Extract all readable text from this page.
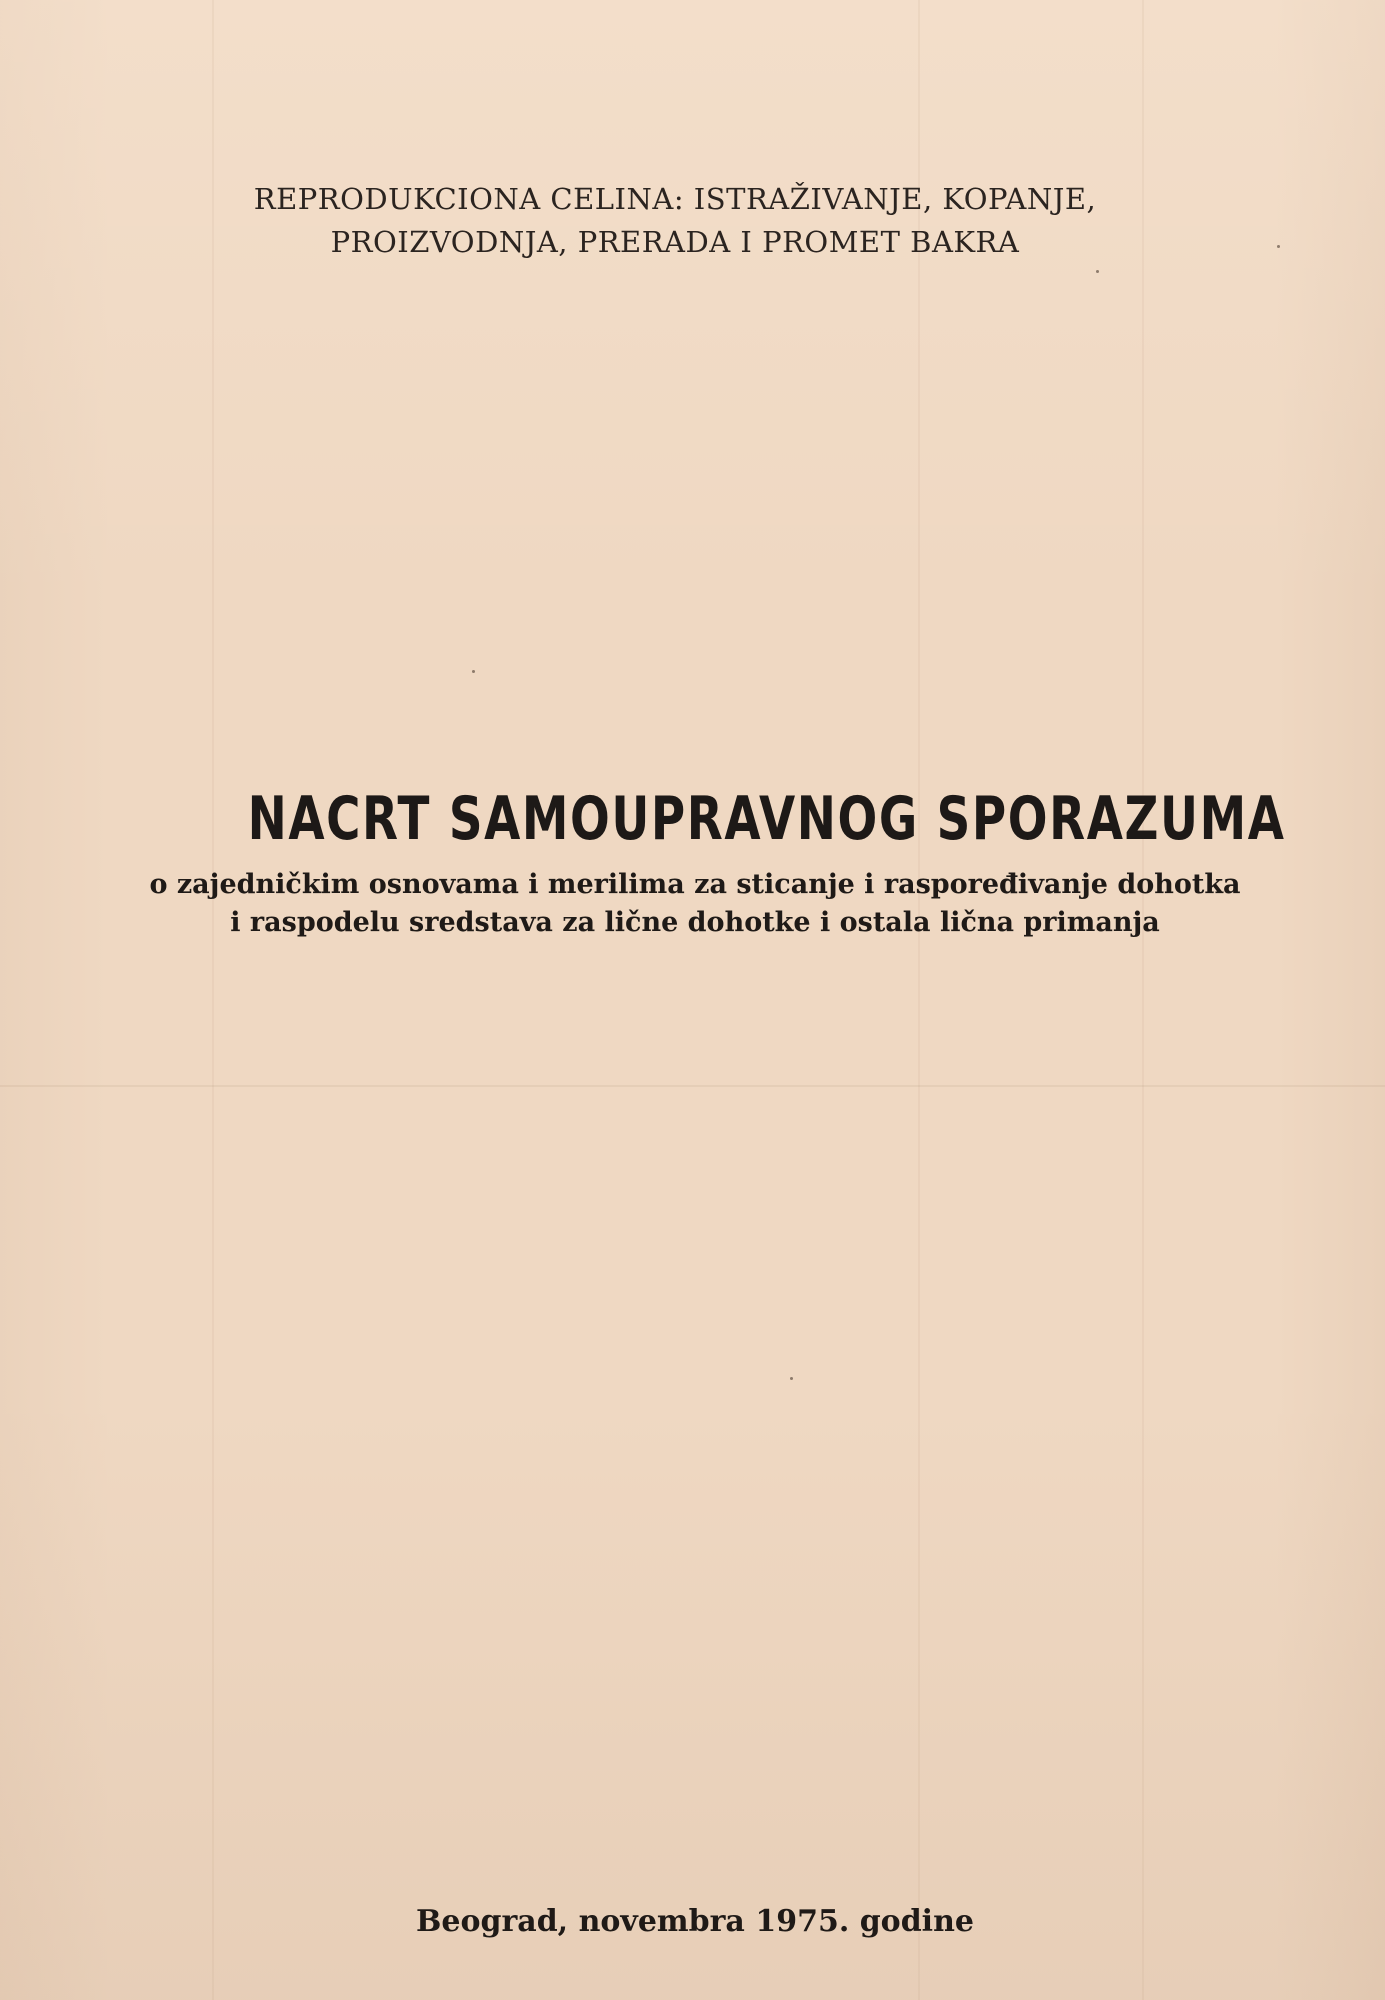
REPRODUKCIONA CELINA: ISTRAŽIVANJE, KOPANJE,
PROIZVODNJA, PRERADA I PROMET BAKRA
NACRT SAMOUPRAVNOG SPORAZUMA
o zajedničkim osnovama i merilima za sticanje i raspoređivanje dohotka
i raspodelu sredstava za lične dohotke i ostala lična primanja
Beograd, novembra 1975. godine
